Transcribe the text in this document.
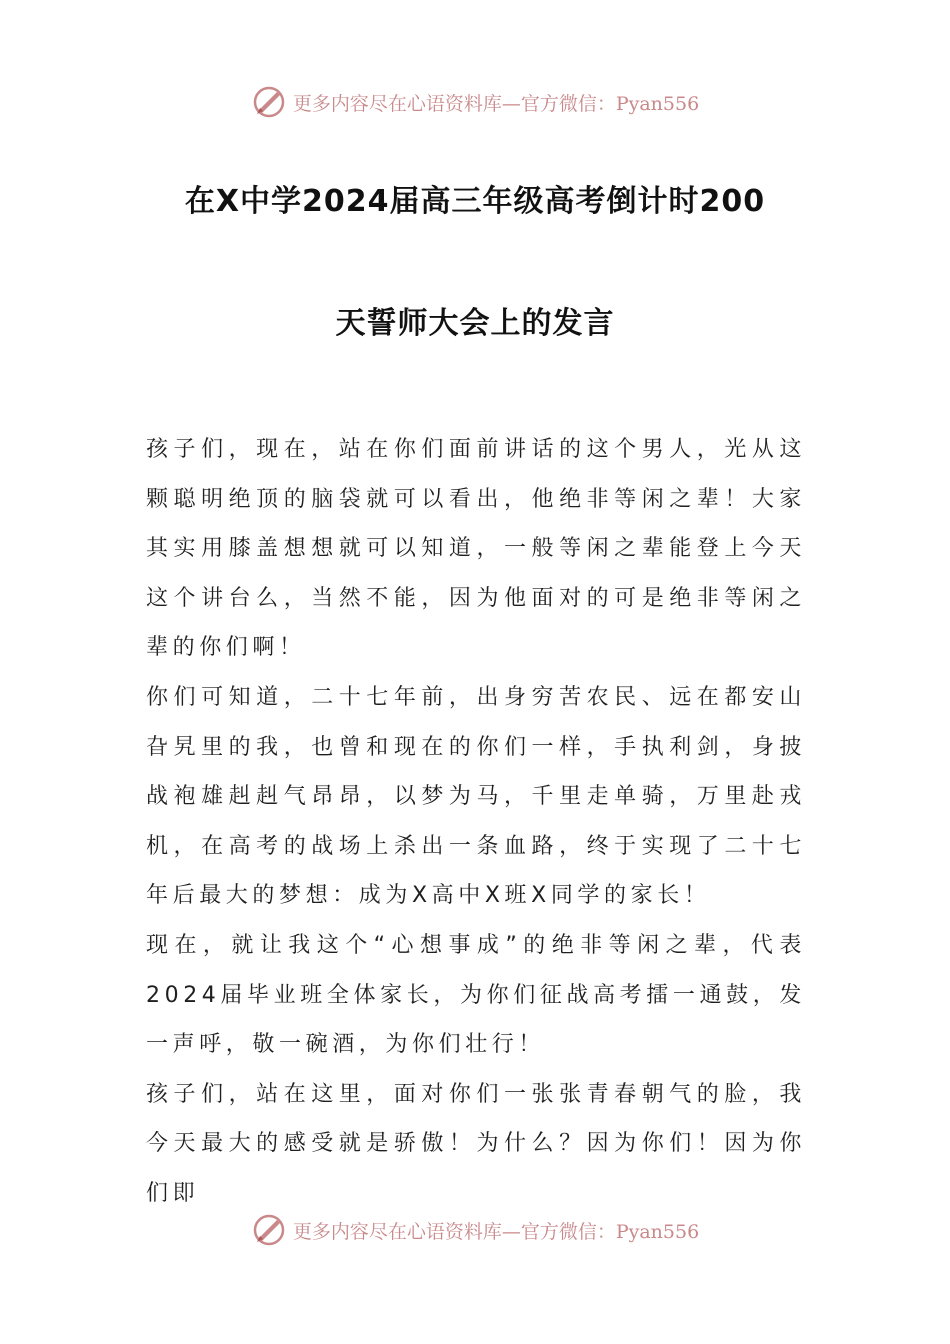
更多内容尽在心语资料库—官方微信：Pyan556
在X中学2024届高三年级高考倒计时200
天誓师大会上的发言

孩子们，现在，站在你们面前讲话的这个男人，光从这颗聪明绝顶的脑袋就可以看出，他绝非等闲之辈！大家其实用膝盖想想就可以知道，一般等闲之辈能登上今天这个讲台么，当然不能，因为他面对的可是绝非等闲之辈的你们啊！

你们可知道，二十七年前，出身穷苦农民、远在都安山旮旯里的我，也曾和现在的你们一样，手执利剑，身披战袍雄赳赳气昂昂，以梦为马，千里走单骑，万里赴戎机，在高考的战场上杀出一条血路，终于实现了二十七年后最大的梦想：成为X高中X班X同学的家长！

现在，就让我这个“心想事成”的绝非等闲之辈，代表2024届毕业班全体家长，为你们征战高考擂一通鼓，发一声呼，敬一碗酒，为你们壮行！

孩子们，站在这里，面对你们一张张青春朝气的脸，我今天最大的感受就是骄傲！为什么？因为你们！因为你们即

更多内容尽在心语资料库—官方微信：Pyan556
